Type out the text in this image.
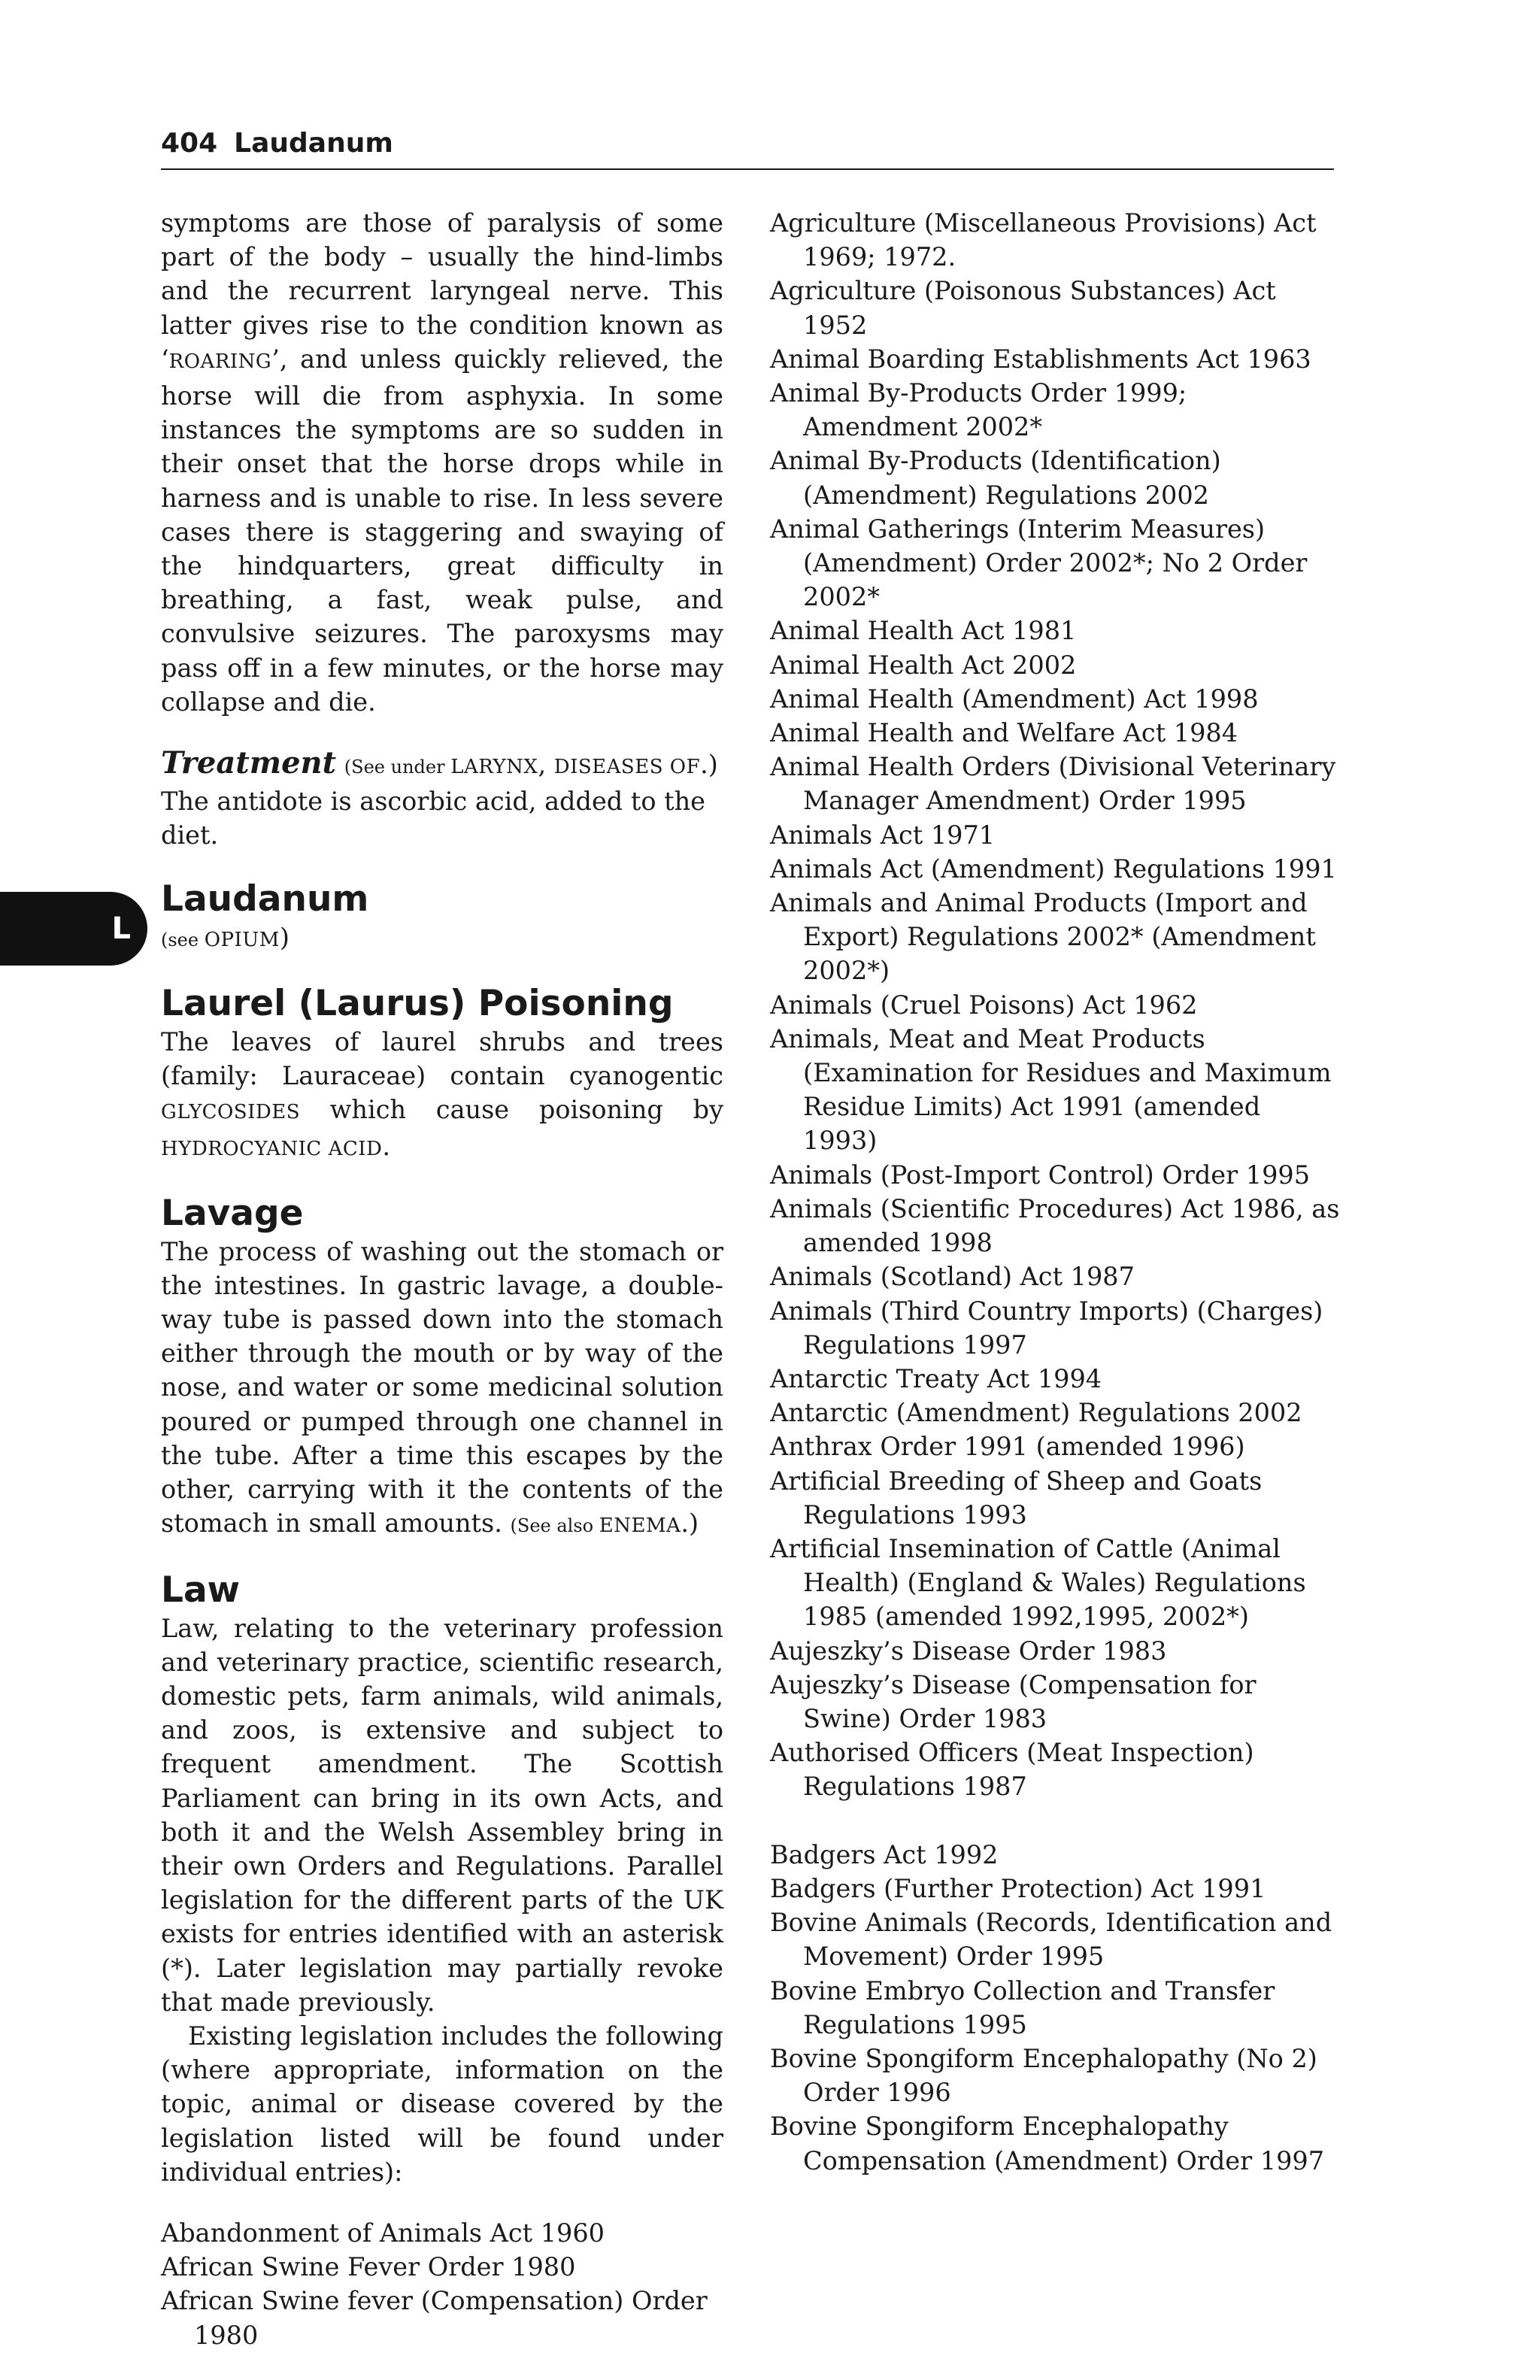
404 Laudanum
L

symptoms are those of paralysis of some part of the body – usually the hind-limbs and the recurrent laryngeal nerve. This latter gives rise to the condition known as ‘ROARING’, and unless quickly relieved, the horse will die from asphyxia. In some instances the symptoms are so sudden in their onset that the horse drops while in harness and is unable to rise. In less severe cases there is staggering and swaying of the hindquarters, great difficulty in breathing, a fast, weak pulse, and convulsive seizures. The paroxysms may pass off in a few minutes, or the horse may collapse and die.

Treatment (See under LARYNX, DISEASES OF.)
The antidote is ascorbic acid, added to the diet.

Laudanum

(see OPIUM)

Laurel (Laurus) Poisoning

The leaves of laurel shrubs and trees (family: Lauraceae) contain cyanogentic GLYCOSIDES which cause poisoning by HYDROCYANIC ACID.

Lavage

The process of washing out the stomach or the intestines. In gastric lavage, a double-way tube is passed down into the stomach either through the mouth or by way of the nose, and water or some medicinal solution poured or pumped through one channel in the tube. After a time this escapes by the other, carrying with it the contents of the stomach in small amounts. (See also ENEMA.)

Law

Law, relating to the veterinary profession and veterinary practice, scientific research, domestic pets, farm animals, wild animals, and zoos, is extensive and subject to frequent amendment. The Scottish Parliament can bring in its own Acts, and both it and the Welsh Assembley bring in their own Orders and Regulations. Parallel legislation for the different parts of the UK exists for entries identified with an asterisk (*). Later legislation may partially revoke that made previously.

Existing legislation includes the following (where appropriate, information on the topic, animal or disease covered by the legislation listed will be found under individual entries):

Abandonment of Animals Act 1960
African Swine Fever Order 1980
African Swine fever (Compensation) Order 1980
Agriculture (Miscellaneous Provisions) Act 1969; 1972.
Agriculture (Poisonous Substances) Act 1952
Animal Boarding Establishments Act 1963
Animal By-Products Order 1999; Amendment 2002*
Animal By-Products (Identification) (Amendment) Regulations 2002
Animal Gatherings (Interim Measures) (Amendment) Order 2002*; No 2 Order 2002*
Animal Health Act 1981
Animal Health Act 2002
Animal Health (Amendment) Act 1998
Animal Health and Welfare Act 1984
Animal Health Orders (Divisional Veterinary Manager Amendment) Order 1995
Animals Act 1971
Animals Act (Amendment) Regulations 1991
Animals and Animal Products (Import and Export) Regulations 2002* (Amendment 2002*)
Animals (Cruel Poisons) Act 1962
Animals, Meat and Meat Products (Examination for Residues and Maximum Residue Limits) Act 1991 (amended 1993)
Animals (Post-Import Control) Order 1995
Animals (Scientific Procedures) Act 1986, as amended 1998
Animals (Scotland) Act 1987
Animals (Third Country Imports) (Charges) Regulations 1997
Antarctic Treaty Act 1994
Antarctic (Amendment) Regulations 2002
Anthrax Order 1991 (amended 1996)
Artificial Breeding of Sheep and Goats Regulations 1993
Artificial Insemination of Cattle (Animal Health) (England & Wales) Regulations 1985 (amended 1992,1995, 2002*)
Aujeszky’s Disease Order 1983
Aujeszky’s Disease (Compensation for Swine) Order 1983
Authorised Officers (Meat Inspection) Regulations 1987
Badgers Act 1992
Badgers (Further Protection) Act 1991
Bovine Animals (Records, Identification and Movement) Order 1995
Bovine Embryo Collection and Transfer Regulations 1995
Bovine Spongiform Encephalopathy (No 2) Order 1996
Bovine Spongiform Encephalopathy Compensation (Amendment) Order 1997
